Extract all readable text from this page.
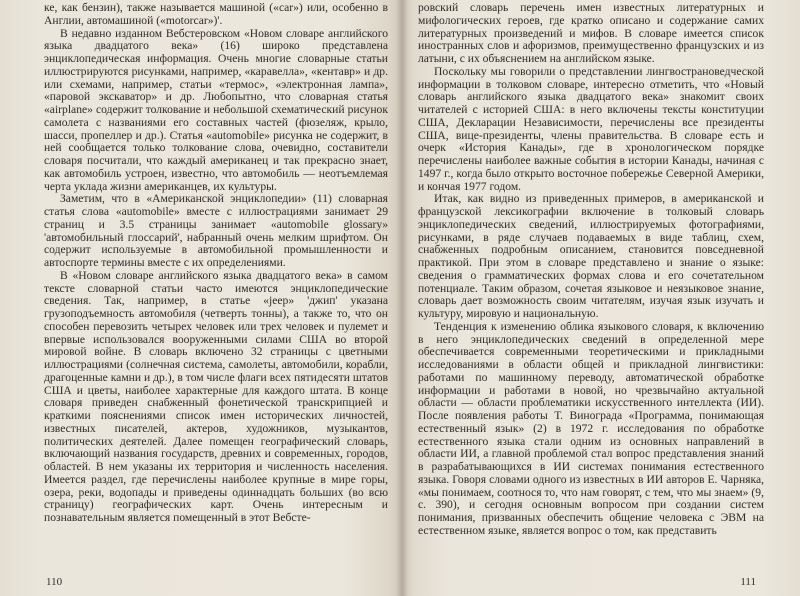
ке, как бензин), также называется машиной («car») или, особенно в Англии, автомашиной («motorcar»)'.

В недавно изданном Вебстеровском «Новом словаре английского языка двадцатого века» (16) широко представлена энциклопедическая информация. Очень многие словарные статьи иллюстрируются рисунками, например, «каравелла», «кентавр» и др. или схемами, например, статьи «термос», «электронная лампа», «паровой экскаватор» и др. Любопытно, что словарная статья «airplane» содержит толкование и небольшой схематический рисунок самолета с названиями его составных частей (фюзеляж, крыло, шасси, пропеллер и др.). Статья «automobile» рисунка не содержит, в ней сообщается только толкование слова, очевидно, составители словаря посчитали, что каждый американец и так прекрасно знает, как автомобиль устроен, известно, что автомобиль — неотъемлемая черта уклада жизни американцев, их культуры.

Заметим, что в «Американской энциклопедии» (11) словарная статья слова «automobile» вместе с иллюстрациями занимает 29 страниц и 3.5 страницы занимает «automobile glossary» 'автомобильный глоссарий', набранный очень мелким шрифтом. Он содержит используемые в автомобильной промышленности и автоспорте термины вместе с их определениями.

В «Новом словаре английского языка двадцатого века» в самом тексте словарной статьи часто имеются энциклопедические сведения. Так, например, в статье «jeep» 'джип' указана грузоподъемность автомобиля (четверть тонны), а также то, что он способен перевозить четырех человек или трех человек и пулемет и впервые использовался вооруженными силами США во второй мировой войне. В словарь включено 32 страницы с цветными иллюстрациями (солнечная система, самолеты, автомобили, корабли, драгоценные камни и др.), в том числе флаги всех пятидесяти штатов США и цветы, наиболее характерные для каждого штата. В конце словаря приведен снабженный фонетической транскрипцией и краткими пояснениями список имен исторических личностей, известных писателей, актеров, художников, музыкантов, политических деятелей. Далее помещен географический словарь, включающий названия государств, древних и современных, городов, областей. В нем указаны их территория и численность населения. Имеется раздел, где перечислены наиболее крупные в мире горы, озера, реки, водопады и приведены одиннадцать больших (во всю страницу) географических карт. Очень интересным и познавательным является помещенный в этот Вебсте-

110

ровский словарь перечень имен известных литературных и мифологических героев, где кратко описано и содержание самих литературных произведений и мифов. В словаре имеется список иностранных слов и афоризмов, преимущественно французских и из латыни, с их объяснением на английском языке.

Поскольку мы говорили о представлении лингвострановедческой информации в толковом словаре, интересно отметить, что «Новый словарь английского языка двадцатого века» знакомит своих читателей с историей США: в него включены тексты конституции США, Декларации Независимости, перечислены все президенты США, вице-президенты, члены правительства. В словаре есть и очерк «История Канады», где в хронологическом порядке перечислены наиболее важные события в истории Канады, начиная с 1497 г., когда было открыто восточное побережье Северной Америки, и кончая 1977 годом.

Итак, как видно из приведенных примеров, в американской и французской лексикографии включение в толковый словарь энциклопедических сведений, иллюстрируемых фотографиями, рисунками, в ряде случаев подаваемых в виде таблиц, схем, снабженных подробным описанием, становится повседневной практикой. При этом в словаре представлено и знание о языке: сведения о грамматических формах слова и его сочетательном потенциале. Таким образом, сочетая языковое и неязыковое знание, словарь дает возможность своим читателям, изучая язык изучать и культуру, мировую и национальную.

Тенденция к изменению облика языкового словаря, к включению в него энциклопедических сведений в определенной мере обеспечивается современными теоретическими и прикладными исследованиями в области общей и прикладной лингвистики: работами по машинному переводу, автоматической обработке информации и работами в новой, но чрезвычайно актуальной области — области проблематики искусственного интеллекта (ИИ). После появления работы Т. Винограда «Программа, понимающая естественный язык» (2) в 1972 г. исследования по обработке естественного языка стали одним из основных направлений в области ИИ, а главной проблемой стал вопрос представления знаний в разрабатывающихся в ИИ системах понимания естественного языка. Говоря словами одного из известных в ИИ авторов Е. Чарняка, «мы понимаем, соотнося то, что нам говорят, с тем, что мы знаем» (9, с. 390), и сегодня основным вопросом при создании систем понимания, призванных обеспечить общение человека с ЭВМ на естественном языке, является вопрос о том, как представить

111
